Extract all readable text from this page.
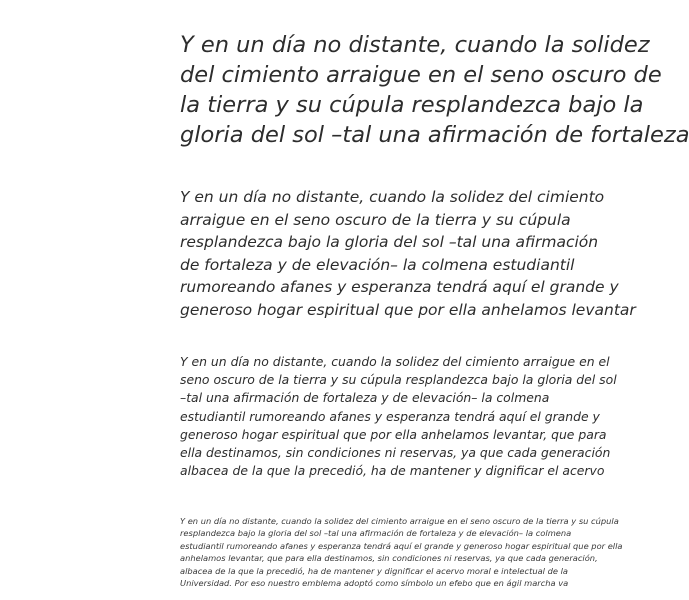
Y en un día no distante, cuando la solidez
del cimiento arraigue en el seno oscuro de
la tierra y su cúpula resplandezca bajo la
gloria del sol –tal una afirmación de fortaleza
Y en un día no distante, cuando la solidez del cimiento
arraigue en el seno oscuro de la tierra y su cúpula
resplandezca bajo la gloria del sol –tal una afirmación
de fortaleza y de elevación– la colmena estudiantil
rumoreando afanes y esperanza tendrá aquí el grande y
generoso hogar espiritual que por ella anhelamos levantar
Y en un día no distante, cuando la solidez del cimiento arraigue en el
seno oscuro de la tierra y su cúpula resplandezca bajo la gloria del sol
–tal una afirmación de fortaleza y de elevación– la colmena
estudiantil rumoreando afanes y esperanza tendrá aquí el grande y
generoso hogar espiritual que por ella anhelamos levantar, que para
ella destinamos, sin condiciones ni reservas, ya que cada generación
albacea de la que la precedió, ha de mantener y dignificar el acervo
Y en un día no distante, cuando la solidez del cimiento arraigue en el seno oscuro de la tierra y su cúpula
resplandezca bajo la gloria del sol –tal una afirmación de fortaleza y de elevación– la colmena
estudiantil rumoreando afanes y esperanza tendrá aquí el grande y generoso hogar espiritual que por ella
anhelamos levantar, que para ella destinamos, sin condiciones ni reservas, ya que cada generación,
albacea de la que la precedió, ha de mantener y dignificar el acervo moral e intelectual de la
Universidad. Por eso nuestro emblema adoptó como símbolo un efebo que en ágil marcha va
